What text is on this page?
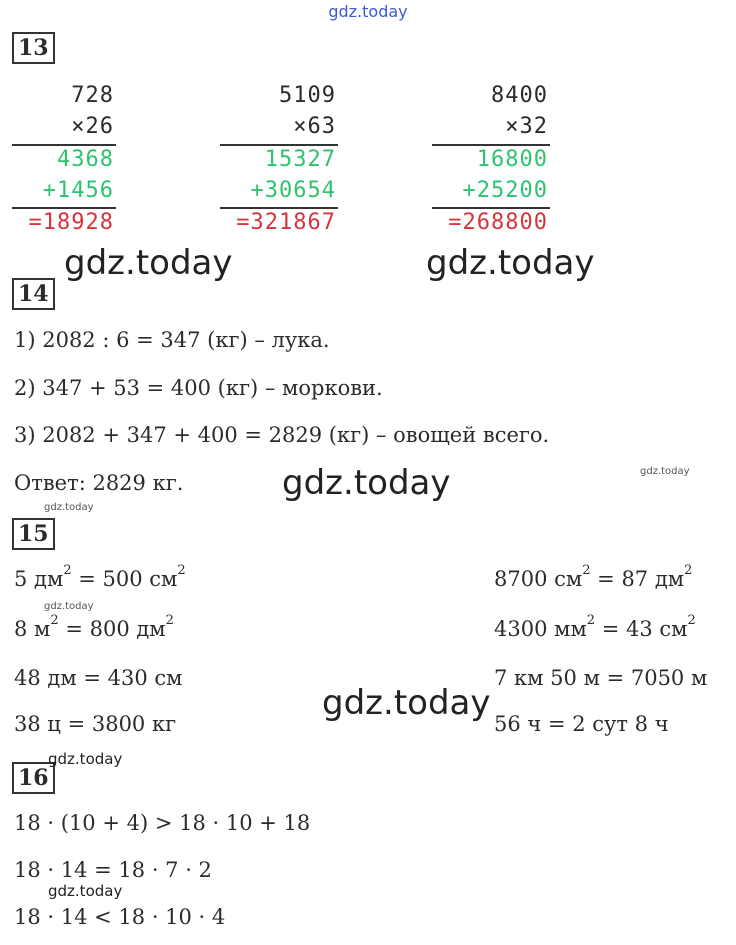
gdz.today
13
728
×26
4368
+1456
=18928
5109
×63
15327
+30654
=321867
8400
×32
16800
+25200
=268800
gdz.today	gdz.today
14
1) 2082 : 6 = 347 (кг) – лука.
2) 347 + 53 = 400 (кг) – моркови.
3) 2082 + 347 + 400 = 2829 (кг) – овощей всего.
Ответ: 2829 кг.	gdz.today
gdz.today
gdz.today
15
5 $дм^2 = 500$ $см^2$
gdz.today
8 $м^2 = 800$ $дм^2$
48 дм = 430 см
38 ц = 3800 кг
8700 $см^2 = 87$ $дм^2$
4300 $мм^2 = 43$ $см^2$
7 км 50 м = 7050 м
56 ч = 2 сут 8 ч
gdz.today
16
gdz.today
18 · (10 + 4) > 18 · 10 + 18
18 · 14 = 18 · 7 · 2
gdz.today
18 · 14 < 18 · 10 · 4
